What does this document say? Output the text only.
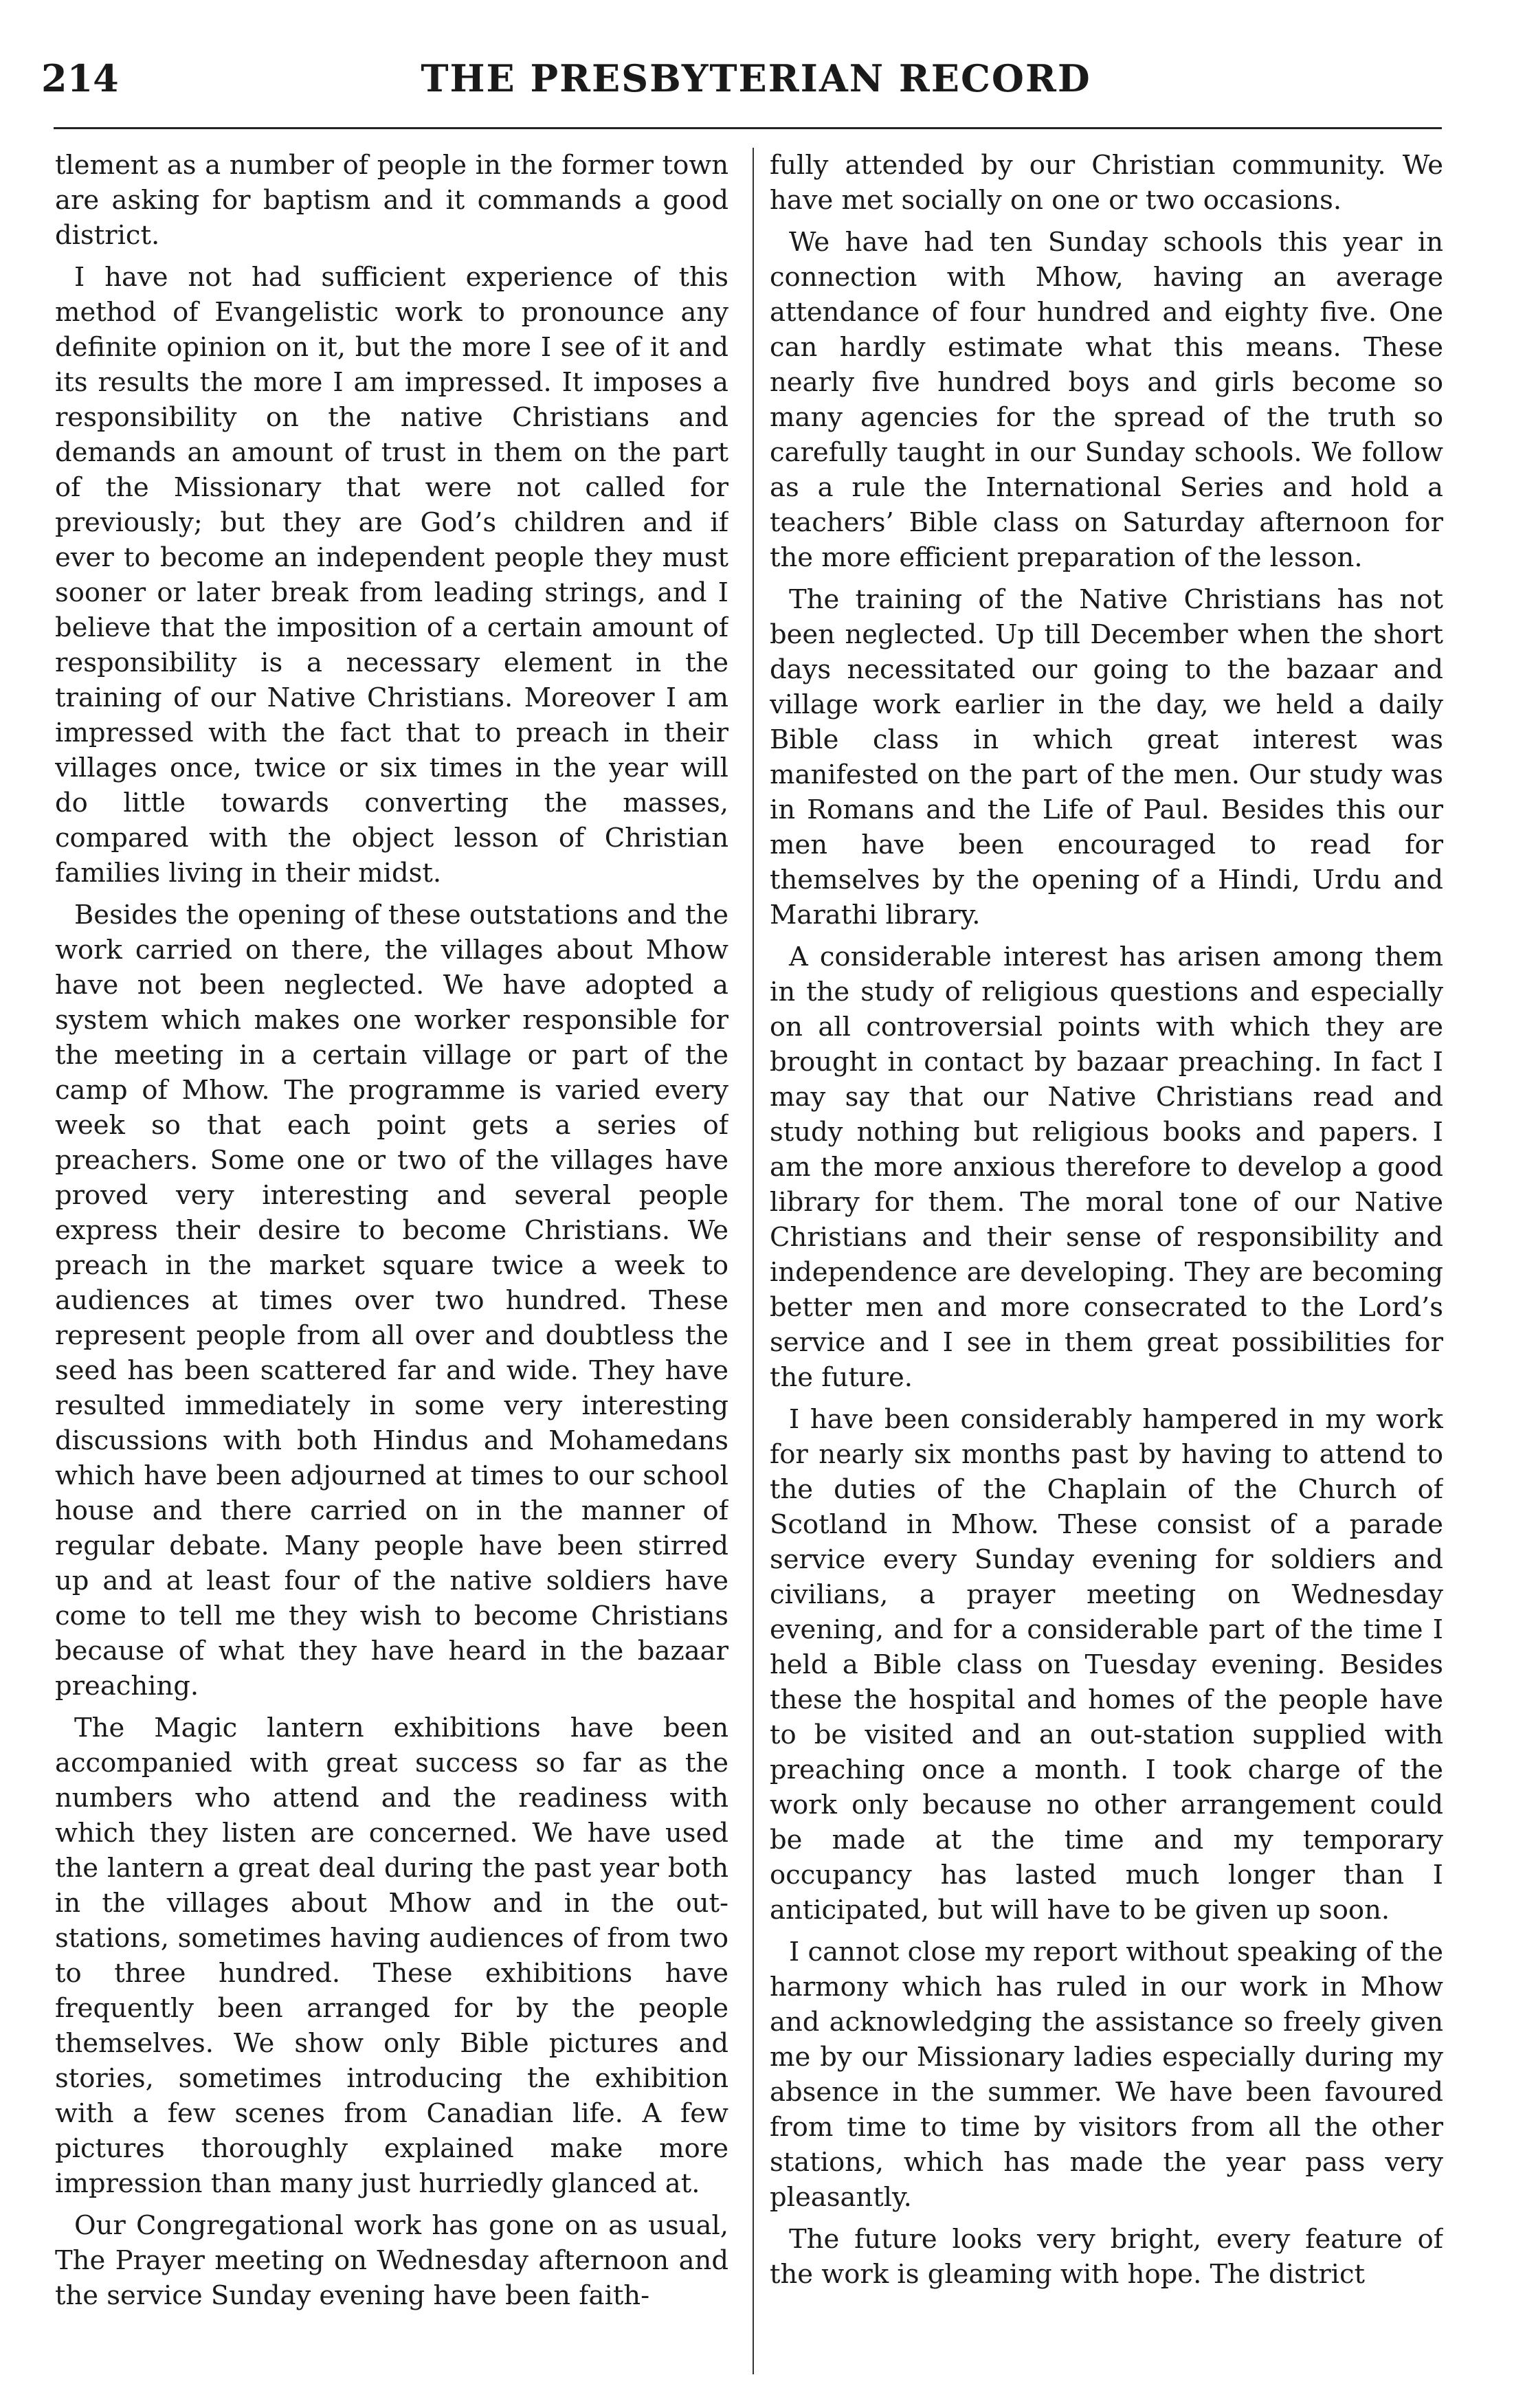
THE PRESBYTERIAN RECORD
214

tlement as a number of people in the former town are asking for baptism and it commands a good district.

I have not had sufficient experience of this method of Evangelistic work to pronounce any definite opinion on it, but the more I see of it and its results the more I am impressed. It imposes a responsibility on the native Christians and demands an amount of trust in them on the part of the Missionary that were not called for previously; but they are God’s children and if ever to become an independent people they must sooner or later break from leading strings, and I believe that the imposition of a certain amount of responsibility is a necessary element in the training of our Native Christians. Moreover I am impressed with the fact that to preach in their villages once, twice or six times in the year will do little towards converting the masses, compared with the object lesson of Christian families living in their midst.

Besides the opening of these outstations and the work carried on there, the villages about Mhow have not been neglected. We have adopted a system which makes one worker responsible for the meeting in a certain village or part of the camp of Mhow. The programme is varied every week so that each point gets a series of preachers. Some one or two of the villages have proved very interesting and several people express their desire to become Christians. We preach in the market square twice a week to audiences at times over two hundred. These represent people from all over and doubtless the seed has been scattered far and wide. They have resulted immediately in some very interesting discussions with both Hindus and Mohamedans which have been adjourned at times to our school house and there carried on in the manner of regular debate. Many people have been stirred up and at least four of the native soldiers have come to tell me they wish to become Christians because of what they have heard in the bazaar preaching.

The Magic lantern exhibitions have been accompanied with great success so far as the numbers who attend and the readiness with which they listen are concerned. We have used the lantern a great deal during the past year both in the villages about Mhow and in the out-stations, sometimes having audiences of from two to three hundred. These exhibitions have frequently been arranged for by the people themselves. We show only Bible pictures and stories, sometimes introducing the exhibition with a few scenes from Canadian life. A few pictures thoroughly explained make more impression than many just hurriedly glanced at.

Our Congregational work has gone on as usual, The Prayer meeting on Wednesday afternoon and the service Sunday evening have been faith-

fully attended by our Christian community. We have met socially on one or two occasions.

We have had ten Sunday schools this year in connection with Mhow, having an average attendance of four hundred and eighty five. One can hardly estimate what this means. These nearly five hundred boys and girls become so many agencies for the spread of the truth so carefully taught in our Sunday schools. We follow as a rule the International Series and hold a teachers’ Bible class on Saturday afternoon for the more efficient preparation of the lesson.

The training of the Native Christians has not been neglected. Up till December when the short days necessitated our going to the bazaar and village work earlier in the day, we held a daily Bible class in which great interest was manifested on the part of the men. Our study was in Romans and the Life of Paul. Besides this our men have been encouraged to read for themselves by the opening of a Hindi, Urdu and Marathi library.

A considerable interest has arisen among them in the study of religious questions and especially on all controversial points with which they are brought in contact by bazaar preaching. In fact I may say that our Native Christians read and study nothing but religious books and papers. I am the more anxious therefore to develop a good library for them. The moral tone of our Native Christians and their sense of responsibility and independence are developing. They are becoming better men and more consecrated to the Lord’s service and I see in them great possibilities for the future.

I have been considerably hampered in my work for nearly six months past by having to attend to the duties of the Chaplain of the Church of Scotland in Mhow. These consist of a parade service every Sunday evening for soldiers and civilians, a prayer meeting on Wednesday evening, and for a considerable part of the time I held a Bible class on Tuesday evening. Besides these the hospital and homes of the people have to be visited and an out-station supplied with preaching once a month. I took charge of the work only because no other arrangement could be made at the time and my temporary occupancy has lasted much longer than I anticipated, but will have to be given up soon.

I cannot close my report without speaking of the harmony which has ruled in our work in Mhow and acknowledging the assistance so freely given me by our Missionary ladies especially during my absence in the summer. We have been favoured from time to time by visitors from all the other stations, which has made the year pass very pleasantly.

The future looks very bright, every feature of the work is gleaming with hope. The district
